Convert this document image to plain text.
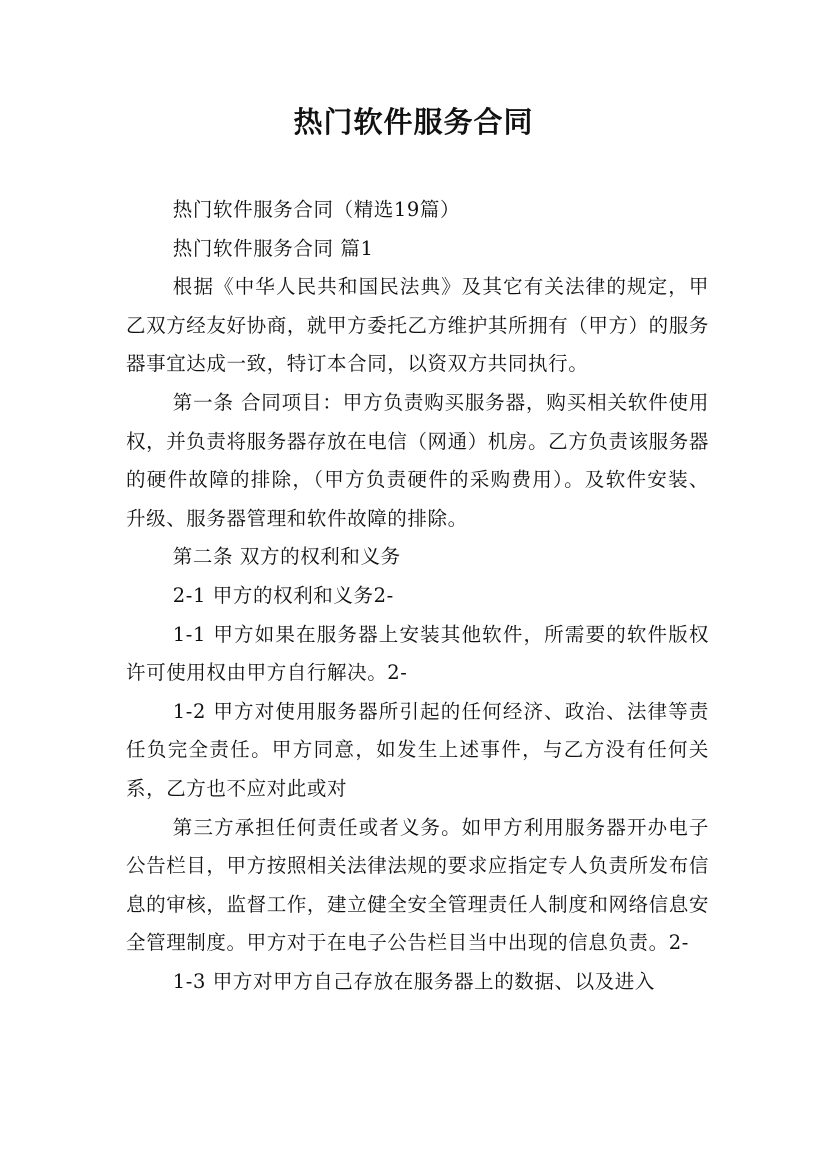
热门软件服务合同

热门软件服务合同（精选19篇）

热门软件服务合同 篇1

根据《中华人民共和国民法典》及其它有关法律的规定，甲乙双方经友好协商，就甲方委托乙方维护其所拥有（甲方）的服务器事宜达成一致，特订本合同，以资双方共同执行。

第一条 合同项目：甲方负责购买服务器，购买相关软件使用权，并负责将服务器存放在电信（网通）机房。乙方负责该服务器的硬件故障的排除，（甲方负责硬件的采购费用）。及软件安装、升级、服务器管理和软件故障的排除。

第二条 双方的权利和义务

2-1 甲方的权利和义务2-

1-1 甲方如果在服务器上安装其他软件，所需要的软件版权许可使用权由甲方自行解决。2-

1-2 甲方对使用服务器所引起的任何经济、政治、法律等责任负完全责任。甲方同意，如发生上述事件，与乙方没有任何关系，乙方也不应对此或对

第三方承担任何责任或者义务。如甲方利用服务器开办电子公告栏目，甲方按照相关法律法规的要求应指定专人负责所发布信息的审核，监督工作，建立健全安全管理责任人制度和网络信息安全管理制度。甲方对于在电子公告栏目当中出现的信息负责。2-

1-3 甲方对甲方自己存放在服务器上的数据、以及进入
